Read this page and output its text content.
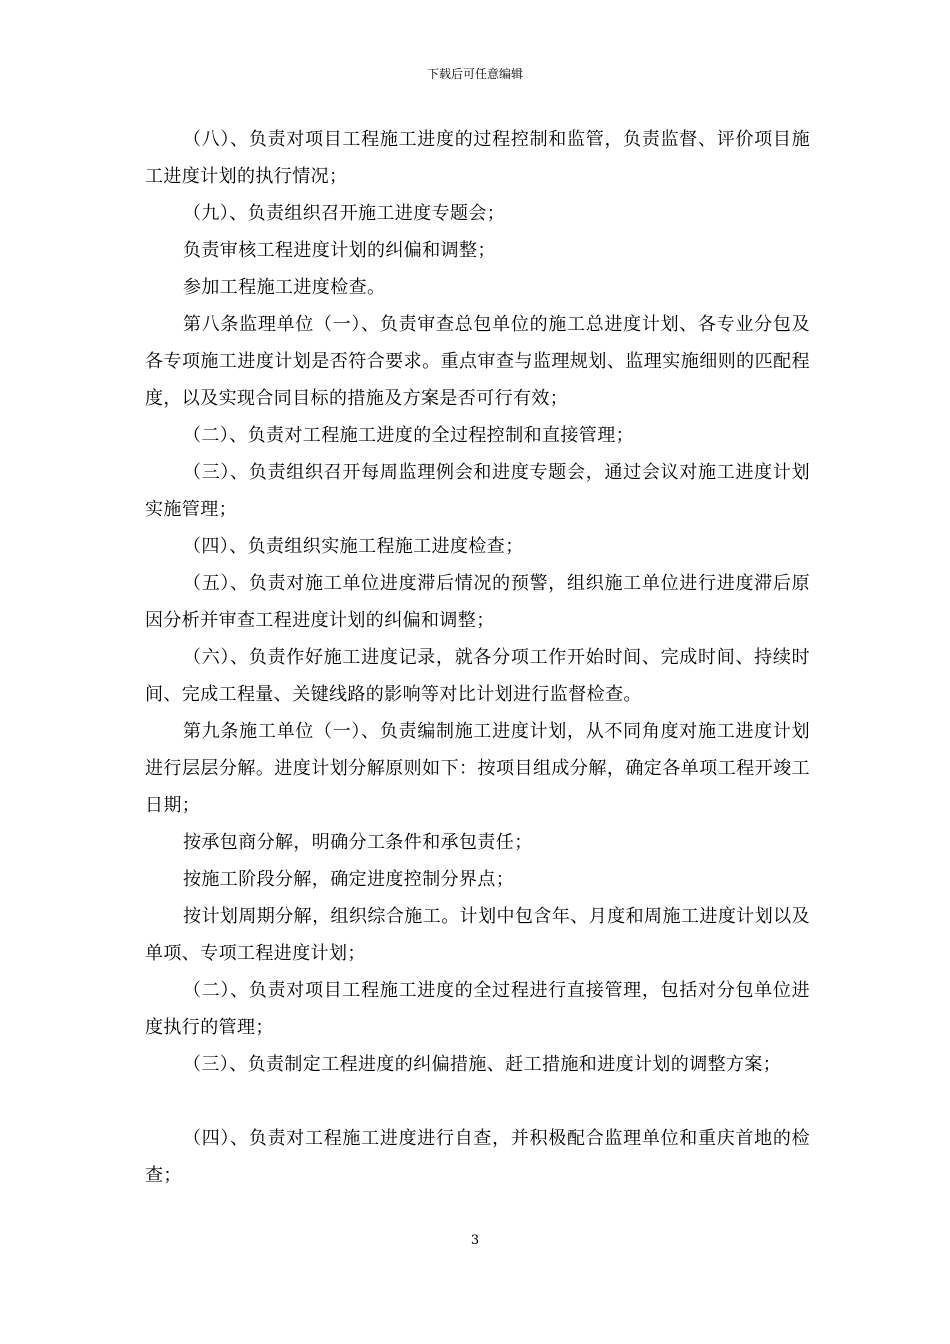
下载后可任意编辑

（八）、负责对项目工程施工进度的过程控制和监管，负责监督、评价项目施工进度计划的执行情况；

（九）、负责组织召开施工进度专题会；

负责审核工程进度计划的纠偏和调整；

参加工程施工进度检查。

第八条监理单位（一）、负责审查总包单位的施工总进度计划、各专业分包及各专项施工进度计划是否符合要求。重点审查与监理规划、监理实施细则的匹配程度，以及实现合同目标的措施及方案是否可行有效；

（二）、负责对工程施工进度的全过程控制和直接管理；

（三）、负责组织召开每周监理例会和进度专题会，通过会议对施工进度计划实施管理；

（四）、负责组织实施工程施工进度检查；

（五）、负责对施工单位进度滞后情况的预警，组织施工单位进行进度滞后原因分析并审查工程进度计划的纠偏和调整；

（六）、负责作好施工进度记录，就各分项工作开始时间、完成时间、持续时间、完成工程量、关键线路的影响等对比计划进行监督检查。

第九条施工单位（一）、负责编制施工进度计划，从不同角度对施工进度计划进行层层分解。进度计划分解原则如下：按项目组成分解，确定各单项工程开竣工日期；

按承包商分解，明确分工条件和承包责任；

按施工阶段分解，确定进度控制分界点；

按计划周期分解，组织综合施工。计划中包含年、月度和周施工进度计划以及单项、专项工程进度计划；

（二）、负责对项目工程施工进度的全过程进行直接管理，包括对分包单位进度执行的管理；

（三）、负责制定工程进度的纠偏措施、赶工措施和进度计划的调整方案；

（四）、负责对工程施工进度进行自查，并积极配合监理单位和重庆首地的检查；

3
